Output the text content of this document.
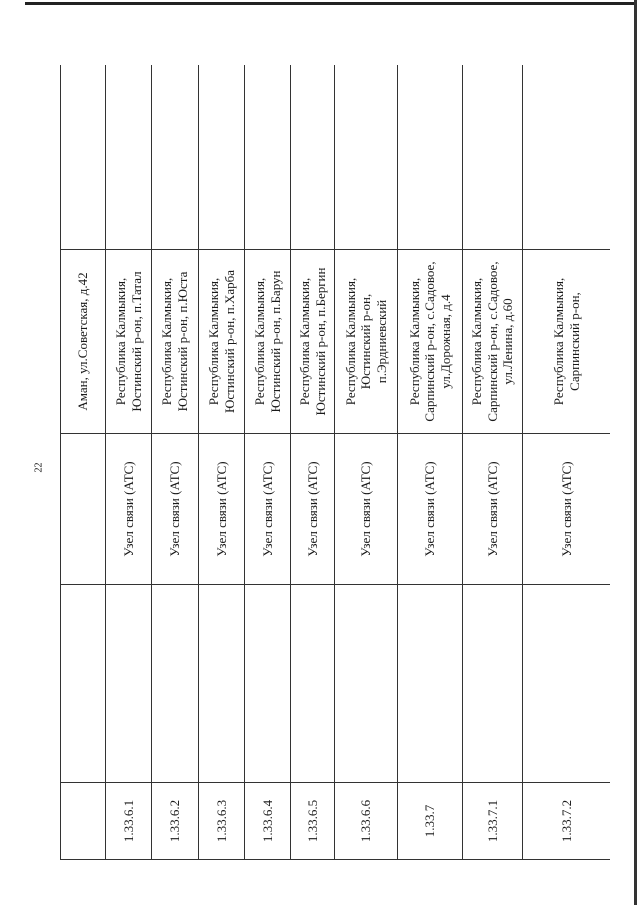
22
			Аман, ул.Советская, д.42	
1.33.6.1		Узел связи (АТС)	Республика Калмыкия, Юстинский р-он, п.Татал	
1.33.6.2		Узел связи (АТС)	Республика Калмыкия, Юстинский р-он, п.Юста	
1.33.6.3		Узел связи (АТС)	Республика Калмыкия, Юстинский р-он, п.Харба	
1.33.6.4		Узел связи (АТС)	Республика Калмыкия, Юстинский р-он, п.Барун	
1.33.6.5		Узел связи (АТС)	Республика Калмыкия, Юстинский р-он, п.Бергин	
1.33.6.6		Узел связи (АТС)	Республика Калмыкия, Юстинский р-он, п.Эрдниевский	
1.33.7		Узел связи (АТС)	Республика Калмыкия, Сарпинский р-он, с.Садовое, ул.Дорожная, д.4	
1.33.7.1		Узел связи (АТС)	Республика Калмыкия, Сарпинский р-он, с.Садовое, ул.Ленина, д.60	
1.33.7.2		Узел связи (АТС)	Республика Калмыкия, Сарпинский р-он,	
